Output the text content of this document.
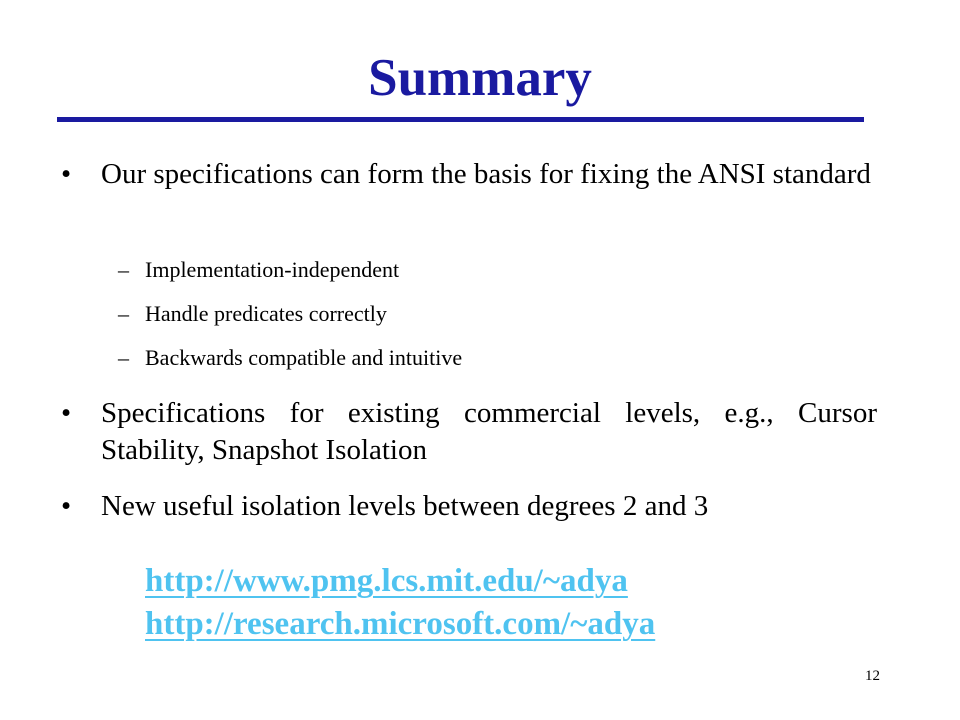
Summary
• Our specifications can form the basis for fixing the ANSI standard
– Implementation-independent
– Handle predicates correctly
– Backwards compatible and intuitive
• Specifications for existing commercial levels, e.g., Cursor Stability, Snapshot Isolation
• New useful isolation levels between degrees 2 and 3
http://www.pmg.lcs.mit.edu/~adya
http://research.microsoft.com/~adya
12
